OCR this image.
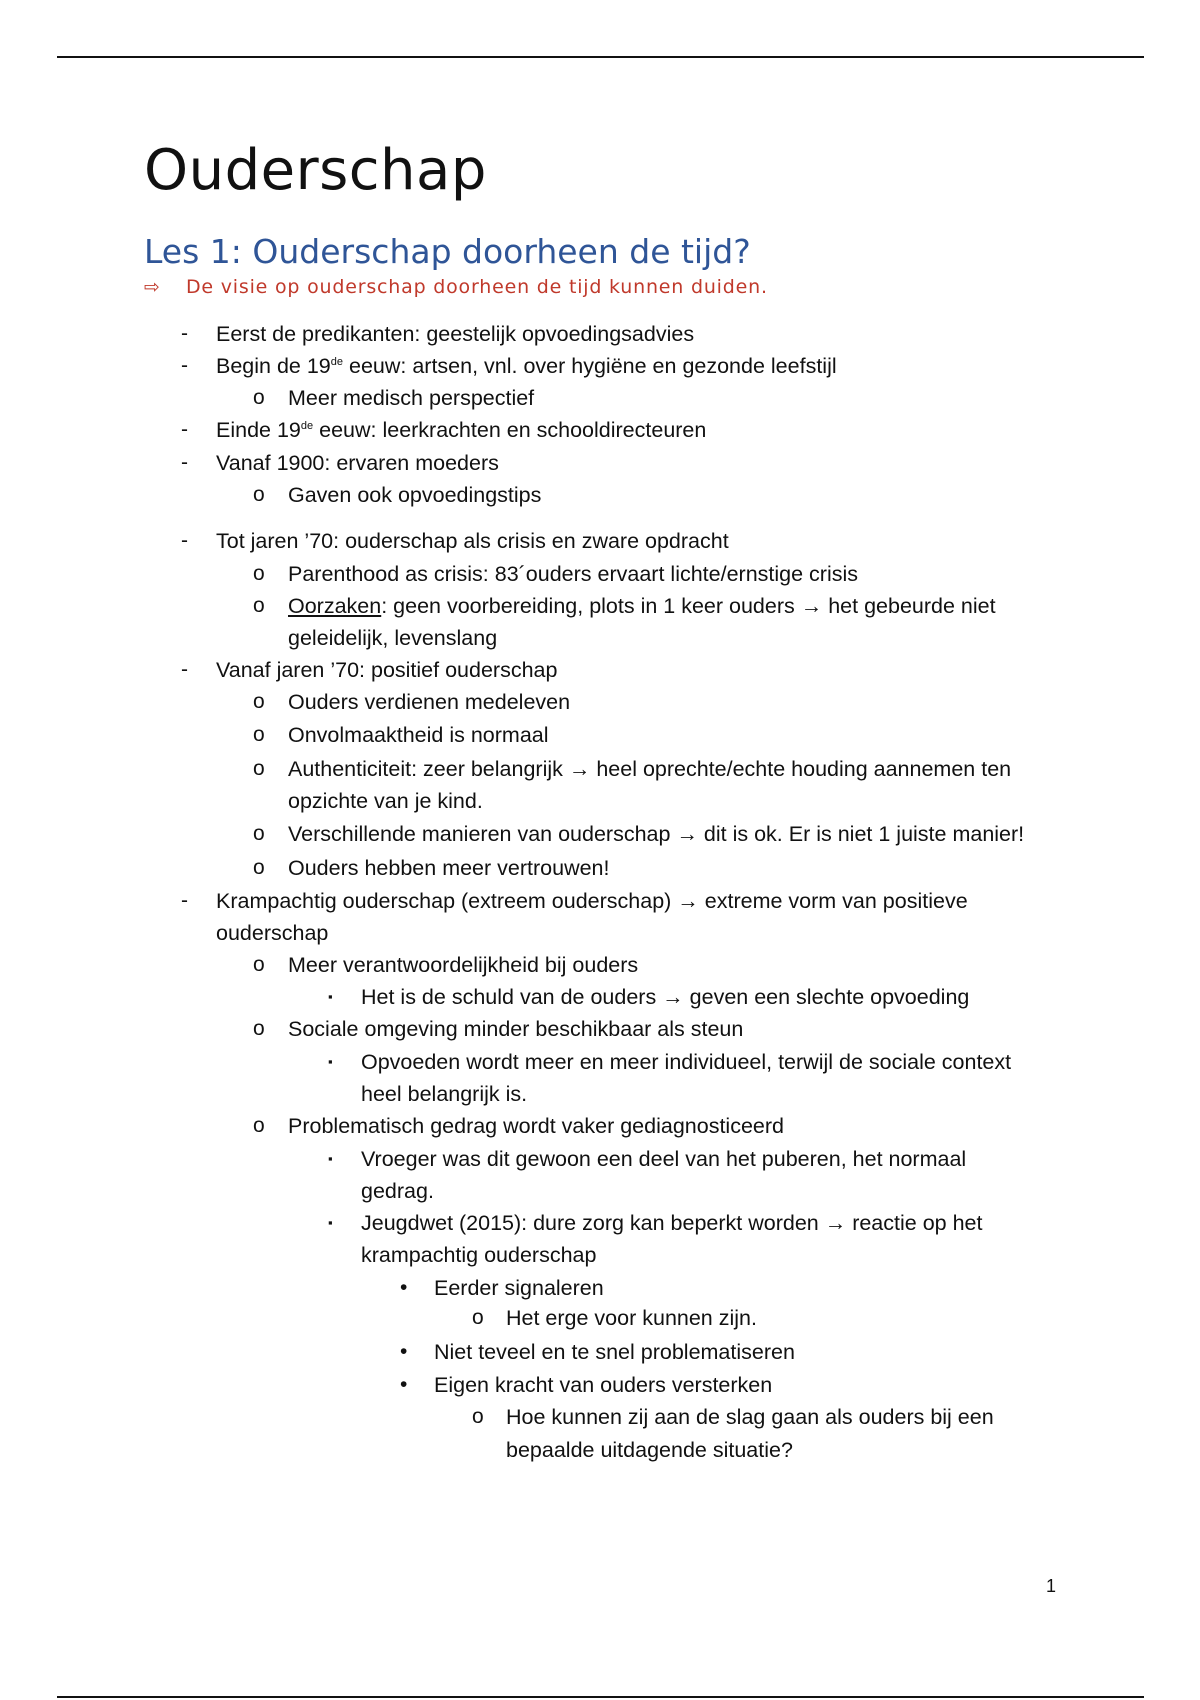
Ouderschap
Les 1: Ouderschap doorheen de tijd?
⇨ De visie op ouderschap doorheen de tijd kunnen duiden.
- Eerst de predikanten: geestelijk opvoedingsadvies
- Begin de 19de eeuw: artsen, vnl. over hygiëne en gezonde leefstijl
o Meer medisch perspectief
- Einde 19de eeuw: leerkrachten en schooldirecteuren
- Vanaf 1900: ervaren moeders
o Gaven ook opvoedingstips
- Tot jaren ’70: ouderschap als crisis en zware opdracht
o Parenthood as crisis: 83´ouders ervaart lichte/ernstige crisis
o Oorzaken: geen voorbereiding, plots in 1 keer ouders → het gebeurde niet
geleidelijk, levenslang
- Vanaf jaren ’70: positief ouderschap
o Ouders verdienen medeleven
o Onvolmaaktheid is normaal
o Authenticiteit: zeer belangrijk → heel oprechte/echte houding aannemen ten
opzichte van je kind.
o Verschillende manieren van ouderschap → dit is ok. Er is niet 1 juiste manier!
o Ouders hebben meer vertrouwen!
- Krampachtig ouderschap (extreem ouderschap) → extreme vorm van positieve
ouderschap
o Meer verantwoordelijkheid bij ouders
▪ Het is de schuld van de ouders → geven een slechte opvoeding
o Sociale omgeving minder beschikbaar als steun
▪ Opvoeden wordt meer en meer individueel, terwijl de sociale context
heel belangrijk is.
o Problematisch gedrag wordt vaker gediagnosticeerd
▪ Vroeger was dit gewoon een deel van het puberen, het normaal
gedrag.
▪ Jeugdwet (2015): dure zorg kan beperkt worden → reactie op het
krampachtig ouderschap
• Eerder signaleren
o Het erge voor kunnen zijn.
• Niet teveel en te snel problematiseren
• Eigen kracht van ouders versterken
o Hoe kunnen zij aan de slag gaan als ouders bij een
bepaalde uitdagende situatie?
1
